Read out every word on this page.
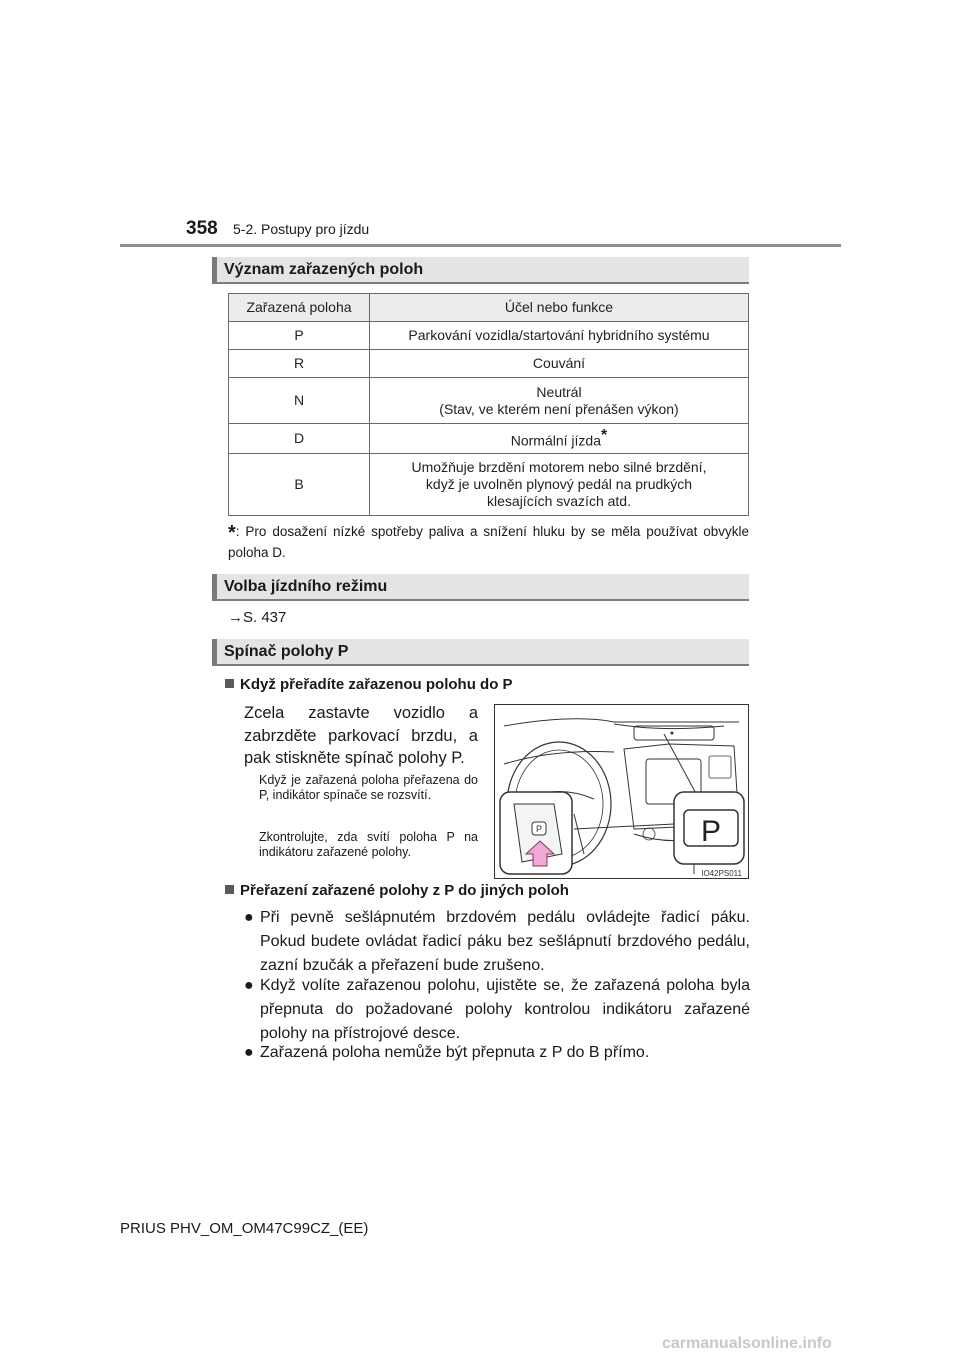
358 5-2. Postupy pro jízdu
Význam zařazených poloh
Zařazená poloha	Účel nebo funkce
P	Parkování vozidla/startování hybridního systému
R	Couvání
N	Neutrál
(Stav, ve kterém není přenášen výkon)
D	Normální jízda*
B	Umožňuje brzdění motorem nebo silné brzdění,
když je uvolněn plynový pedál na prudkých
klesajících svazích atd.
*: Pro dosažení nízké spotřeby paliva a snížení hluku by se měla používat obvykle poloha D.
Volba jízdního režimu
→S. 437
Spínač polohy P
Když přeřadíte zařazenou polohu do P
Zcela zastavte vozidlo a zabrzděte parkovací brzdu, a pak stiskněte spínač polohy P.
Když je zařazená poloha přeřazena do P, indikátor spínače se rozsvítí.
Zkontrolujte, zda svítí poloha P na indikátoru zařazené polohy.
P	P
IO42PS011
Přeřazení zařazené polohy z P do jiných poloh
● Při pevně sešlápnutém brzdovém pedálu ovládejte řadicí páku. Pokud budete ovládat řadicí páku bez sešlápnutí brzdového pedálu, zazní bzučák a přeřazení bude zrušeno.
● Když volíte zařazenou polohu, ujistěte se, že zařazená poloha byla přepnuta do požadované polohy kontrolou indikátoru zařazené polohy na přístrojové desce.
● Zařazená poloha nemůže být přepnuta z P do B přímo.
PRIUS PHV_OM_OM47C99CZ_(EE)
carmanualsonline.info
